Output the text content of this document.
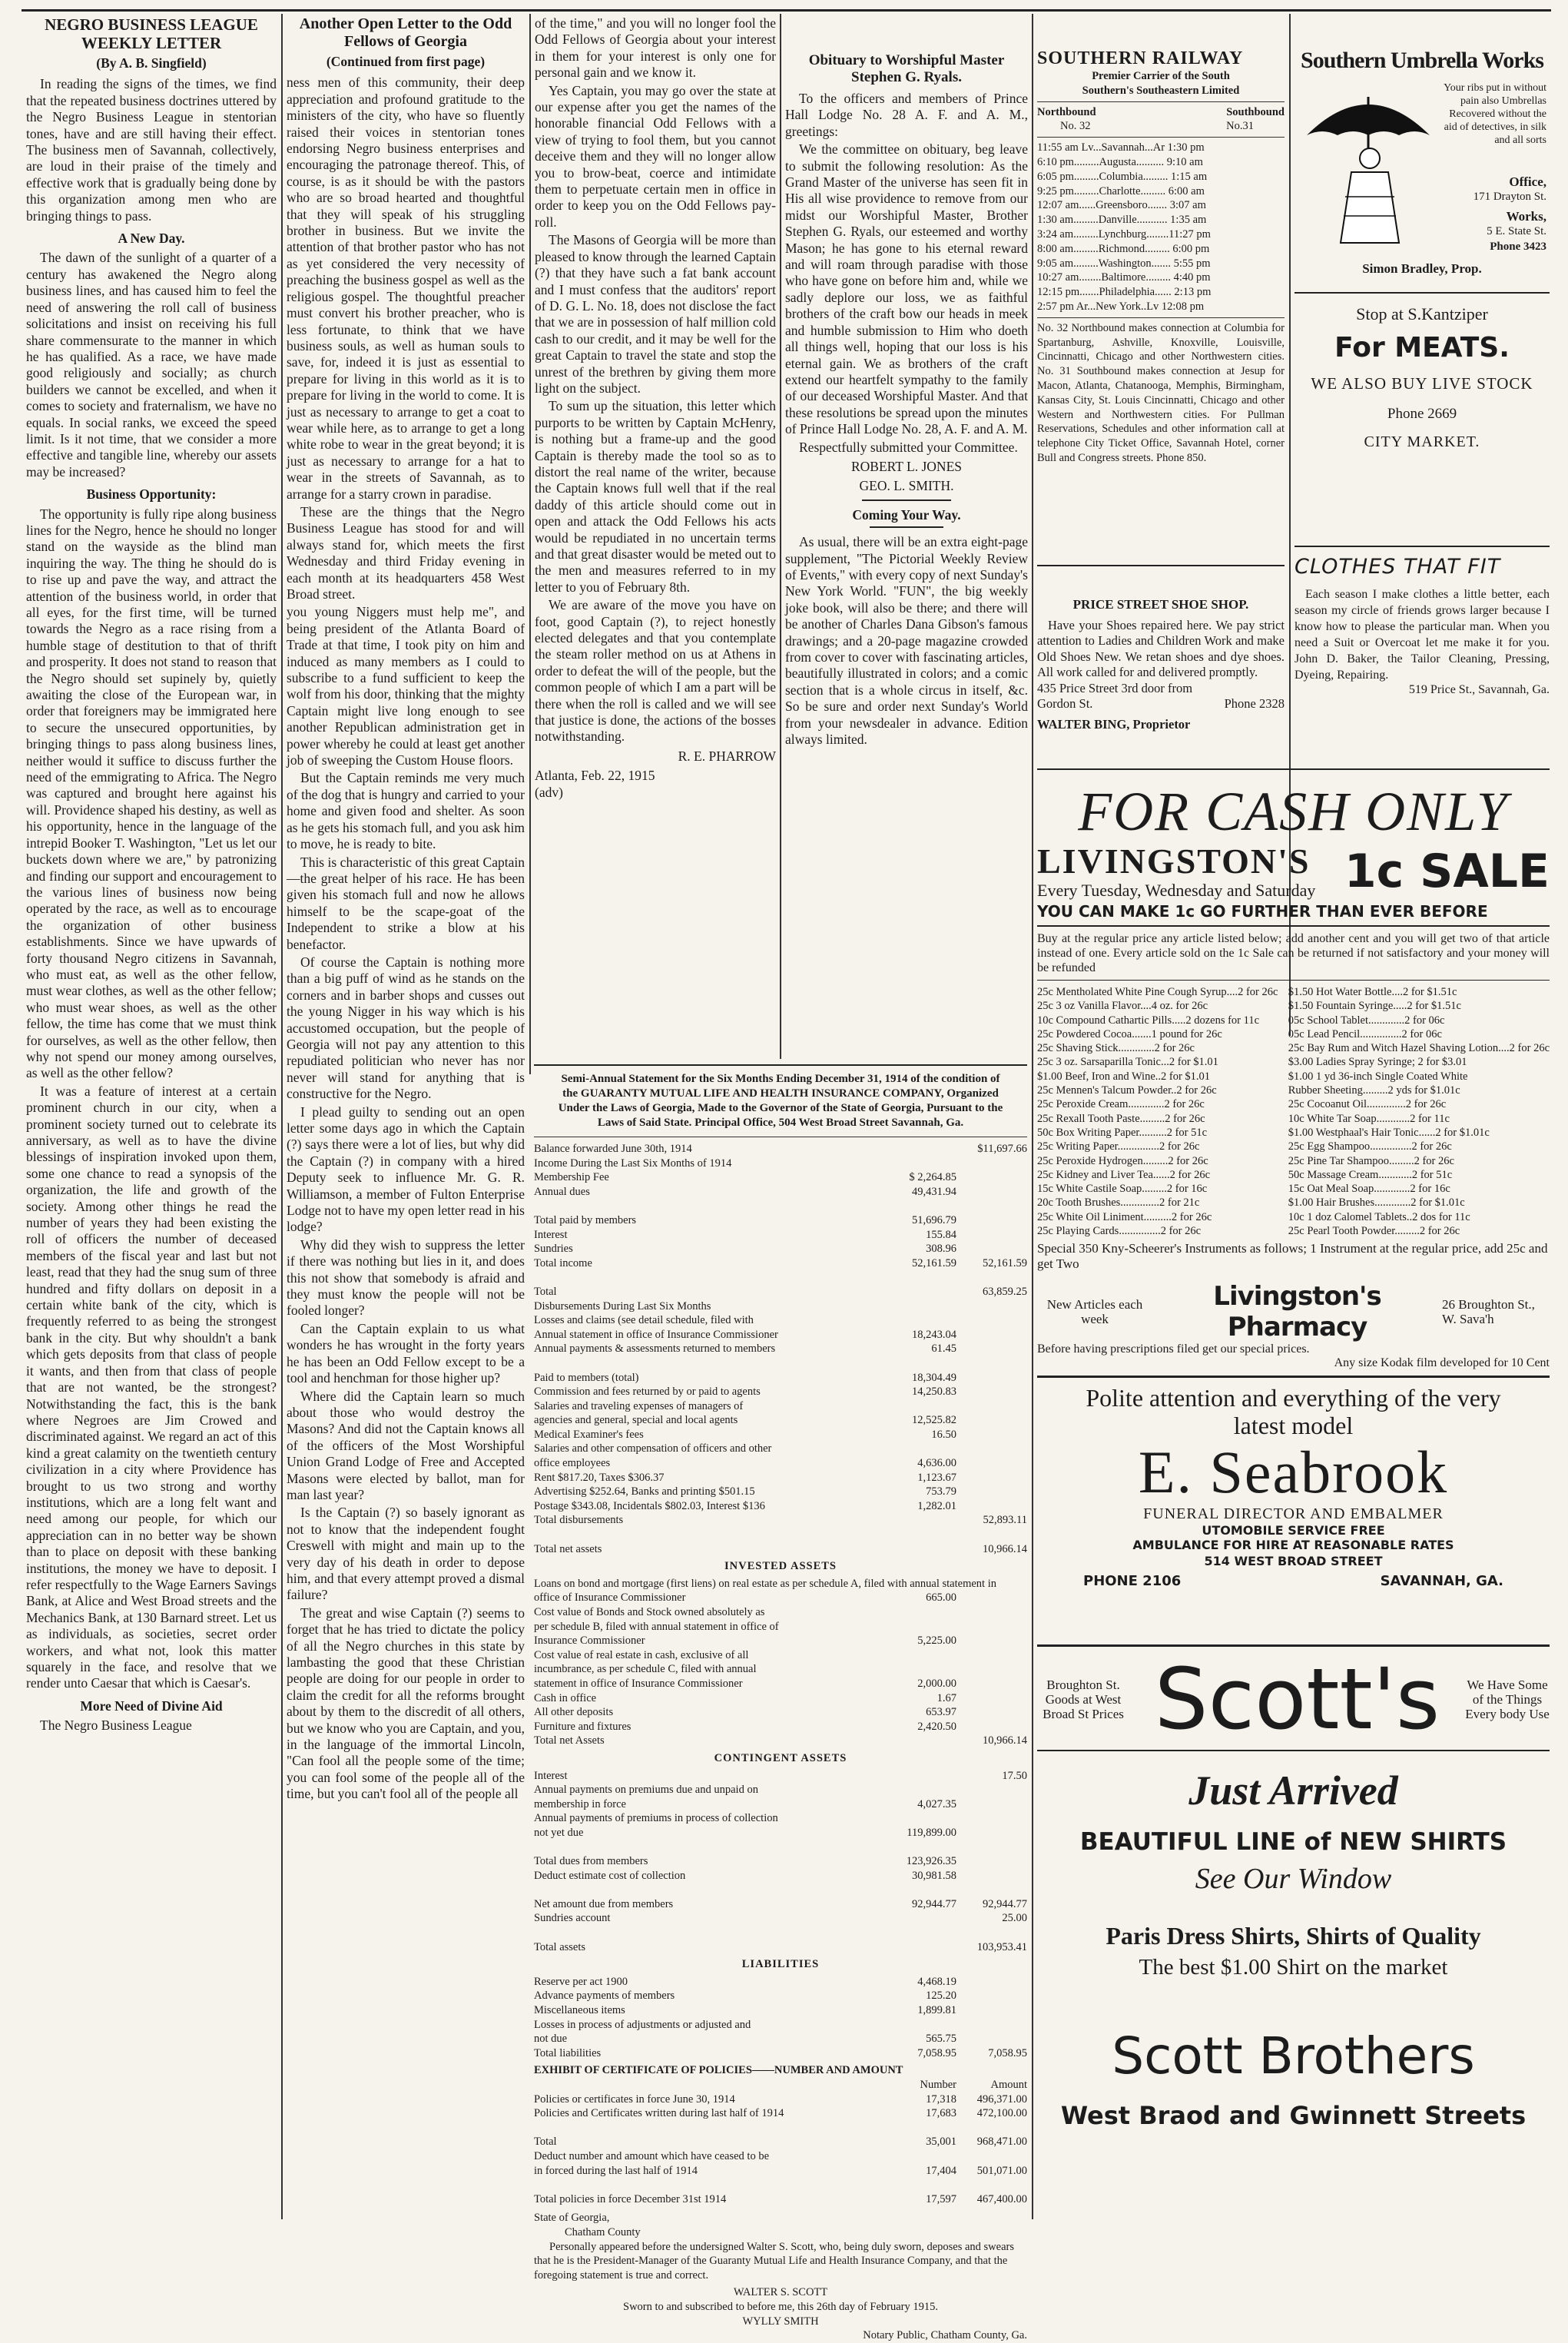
NEGRO BUSINESS LEAGUE WEEKLY LETTER
(By A. B. Singfield)

In reading the signs of the times, we find that the repeated business doctrines uttered by the Negro Business League in stentorian tones, have and are still having their effect. The business men of Savannah, collectively, are loud in their praise of the timely and effective work that is gradually being done by this organization among men who are bringing things to pass.

A New Day.

The dawn of the sunlight of a quarter of a century has awakened the Negro along business lines, and has caused him to feel the need of answering the roll call of business solicitations and insist on receiving his full share commensurate to the manner in which he has qualified. As a race, we have made good religiously and socially; as church builders we cannot be excelled, and when it comes to society and fraternalism, we have no equals. In social ranks, we exceed the speed limit. Is it not time, that we consider a more effective and tangible line, whereby our assets may be increased?

Business Opportunity:

The opportunity is fully ripe along business lines for the Negro, hence he should no longer stand on the wayside as the blind man inquiring the way. The thing he should do is to rise up and pave the way, and attract the attention of the business world, in order that all eyes, for the first time, will be turned towards the Negro as a race rising from a humble stage of destitution to that of thrift and prosperity. It does not stand to reason that the Negro should set supinely by, quietly awaiting the close of the European war, in order that foreigners may be immigrated here to secure the unsecured opportunities, by bringing things to pass along business lines, neither would it suffice to discuss further the need of the emmigrating to Africa. The Negro was captured and brought here against his will. Providence shaped his destiny, as well as his opportunity, hence in the language of the intrepid Booker T. Washington, "Let us let our buckets down where we are," by patronizing and finding our support and encouragement to the various lines of business now being operated by the race, as well as to encourage the organization of other business establishments. Since we have upwards of forty thousand Negro citizens in Savannah, who must eat, as well as the other fellow, must wear clothes, as well as the other fellow; who must wear shoes, as well as the other fellow, the time has come that we must think for ourselves, as well as the other fellow, then why not spend our money among ourselves, as well as the other fellow?

It was a feature of interest at a certain prominent church in our city, when a prominent society turned out to celebrate its anniversary, as well as to have the divine blessings of inspiration invoked upon them, some one chance to read a synopsis of the organization, the life and growth of the society. Among other things he read the number of years they had been existing the roll of officers the number of deceased members of the fiscal year and last but not least, read that they had the snug sum of three hundred and fifty dollars on deposit in a certain white bank of the city, which is frequently referred to as being the strongest bank in the city. But why shouldn't a bank which gets deposits from that class of people it wants, and then from that class of people that are not wanted, be the strongest? Notwithstanding the fact, this is the bank where Negroes are Jim Crowed and discriminated against. We regard an act of this kind a great calamity on the twentieth century civilization in a city where Providence has brought to us two strong and worthy institutions, which are a long felt want and need among our people, for which our appreciation can in no better way be shown than to place on deposit with these banking institutions, the money we have to deposit. I refer respectfully to the Wage Earners Savings Bank, at Alice and West Broad streets and the Mechanics Bank, at 130 Barnard street. Let us as individuals, as societies, secret order workers, and what not, look this matter squarely in the face, and resolve that we render unto Caesar that which is Caesar's.

More Need of Divine Aid

The Negro Business League

Another Open Letter to the Odd Fellows of Georgia
(Continued from first page)

ness men of this community, their deep appreciation and profound gratitude to the ministers of the city, who have so fluently raised their voices in stentorian tones endorsing Negro business enterprises and encouraging the patronage thereof. This, of course, is as it should be with the pastors who are so broad hearted and thoughtful that they will speak of his struggling brother in business. But we invite the attention of that brother pastor who has not as yet considered the very necessity of preaching the business gospel as well as the religious gospel. The thoughtful preacher must convert his brother preacher, who is less fortunate, to think that we have business souls, as well as human souls to save, for, indeed it is just as essential to prepare for living in this world as it is to prepare for living in the world to come. It is just as necessary to arrange to get a coat to wear while here, as to arrange to get a long white robe to wear in the great beyond; it is just as necessary to arrange for a hat to wear in the streets of Savannah, as to arrange for a starry crown in paradise.

These are the things that the Negro Business League has stood for and will always stand for, which meets the first Wednesday and third Friday evening in each month at its headquarters 458 West Broad street.

you young Niggers must help me", and being president of the Atlanta Board of Trade at that time, I took pity on him and induced as many members as I could to subscribe to a fund sufficient to keep the wolf from his door, thinking that the mighty Captain might live long enough to see another Republican administration get in power whereby he could at least get another job of sweeping the Custom House floors.

But the Captain reminds me very much of the dog that is hungry and carried to your home and given food and shelter. As soon as he gets his stomach full, and you ask him to move, he is ready to bite.

This is characteristic of this great Captain—the great helper of his race. He has been given his stomach full and now he allows himself to be the scape-goat of the Independent to strike a blow at his benefactor.

Of course the Captain is nothing more than a big puff of wind as he stands on the corners and in barber shops and cusses out the young Nigger in his way which is his accustomed occupation, but the people of Georgia will not pay any attention to this repudiated politician who never has nor never will stand for anything that is constructive for the Negro.

I plead guilty to sending out an open letter some days ago in which the Captain (?) says there were a lot of lies, but why did the Captain (?) in company with a hired Deputy seek to influence Mr. G. R. Williamson, a member of Fulton Enterprise Lodge not to have my open letter read in his lodge?

Why did they wish to suppress the letter if there was nothing but lies in it, and does this not show that somebody is afraid and they must know the people will not be fooled longer?

Can the Captain explain to us what wonders he has wrought in the forty years he has been an Odd Fellow except to be a tool and henchman for those higher up?

Where did the Captain learn so much about those who would destroy the Masons? And did not the Captain knows all of the officers of the Most Worshipful Union Grand Lodge of Free and Accepted Masons were elected by ballot, man for man last year?

Is the Captain (?) so basely ignorant as not to know that the independent fought Creswell with might and main up to the very day of his death in order to depose him, and that every attempt proved a dismal failure?

The great and wise Captain (?) seems to forget that he has tried to dictate the policy of all the Negro churches in this state by lambasting the good that these Christian people are doing for our people in order to claim the credit for all the reforms brought about by them to the discredit of all others, but we know who you are Captain, and you, in the language of the immortal Lincoln, "Can fool all the people some of the time; you can fool some of the people all of the time, but you can't fool all of the people all

of the time," and you will no longer fool the Odd Fellows of Georgia about your interest in them for your interest is only one for personal gain and we know it.

Yes Captain, you may go over the state at our expense after you get the names of the honorable financial Odd Fellows with a view of trying to fool them, but you cannot deceive them and they will no longer allow you to brow-beat, coerce and intimidate them to perpetuate certain men in office in order to keep you on the Odd Fellows pay-roll.

The Masons of Georgia will be more than pleased to know through the learned Captain (?) that they have such a fat bank account and I must confess that the auditors' report of D. G. L. No. 18, does not disclose the fact that we are in possession of half million cold cash to our credit, and it may be well for the great Captain to travel the state and stop the unrest of the brethren by giving them more light on the subject.

To sum up the situation, this letter which purports to be written by Captain McHenry, is nothing but a frame-up and the good Captain is thereby made the tool so as to distort the real name of the writer, because the Captain knows full well that if the real daddy of this article should come out in open and attack the Odd Fellows his acts would be repudiated in no uncertain terms and that great disaster would be meted out to the men and measures referred to in my letter to you of February 8th.

We are aware of the move you have on foot, good Captain (?), to reject honestly elected delegates and that you contemplate the steam roller method on us at Athens in order to defeat the will of the people, but the common people of which I am a part will be there when the roll is called and we will see that justice is done, the actions of the bosses notwithstanding.

R. E. PHARROW
Atlanta, Feb. 22, 1915
(adv)
Obituary to Worshipful Master Stephen G. Ryals.

To the officers and members of Prince Hall Lodge No. 28 A. F. and A. M., greetings:

We the committee on obituary, beg leave to submit the following resolution: As the Grand Master of the universe has seen fit in His all wise providence to remove from our midst our Worshipful Master, Brother Stephen G. Ryals, our esteemed and worthy Mason; he has gone to his eternal reward and will roam through paradise with those who have gone on before him and, while we sadly deplore our loss, we as faithful brothers of the craft bow our heads in meek and humble submission to Him who doeth all things well, hoping that our loss is his eternal gain. We as brothers of the craft extend our heartfelt sympathy to the family of our deceased Worshipful Master. And that these resolutions be spread upon the minutes of Prince Hall Lodge No. 28, A. F. and A. M.

Respectfully submitted your Committee.

ROBERT L. JONES
GEO. L. SMITH.
Coming Your Way.

As usual, there will be an extra eight-page supplement, "The Pictorial Weekly Review of Events," with every copy of next Sunday's New York World. "FUN", the big weekly joke book, will also be there; and there will be another of Charles Dana Gibson's famous drawings; and a 20-page magazine crowded from cover to cover with fascinating articles, beautifully illustrated in colors; and a comic section that is a whole circus in itself, &c. So be sure and order next Sunday's World from your newsdealer in advance. Edition always limited.

Semi-Annual Statement for the Six Months Ending December 31, 1914 of the condition of the GUARANTY MUTUAL LIFE AND HEALTH INSURANCE COMPANY, Organized Under the Laws of Georgia, Made to the Governor of the State of Georgia, Pursuant to the Laws of Said State. Principal Office, 504 West Broad Street Savannah, Ga.
Balance forwarded June 30th, 1914
	$11,697.66
Income During the Last Six Months of 1914

Membership Fee	$ 2,264.85

Annual dues	49,431.94

Total paid by members	51,696.79

Interest	155.84

Sundries	308.96

Total income	52,161.59	52,161.59

Total
	63,859.25
Disbursements During Last Six Months

Losses and claims (see detail schedule, filed with

Annual statement in office of Insurance Commissioner	18,243.04

Annual payments & assessments returned to members	61.45

Paid to members (total)	18,304.49

Commission and fees returned by or paid to agents	14,250.83

Salaries and traveling expenses of managers of

agencies and general, special and local agents	12,525.82

Medical Examiner's fees	16.50

Salaries and other compensation of officers and other

office employees	4,636.00

Rent $817.20, Taxes $306.37	1,123.67

Advertising $252.64, Banks and printing $501.15	753.79

Postage $343.08, Incidentals $802.03, Interest $136	1,282.01

Total disbursements
	52,893.11

Total net assets
	10,966.14
INVESTED ASSETS
Loans on bond and mortgage (first liens) on real estate as per schedule A, filed with annual statement in

office of Insurance Commissioner	665.00

Cost value of Bonds and Stock owned absolutely as

per schedule B, filed with annual statement in office of

Insurance Commissioner	5,225.00

Cost value of real estate in cash, exclusive of all

incumbrance, as per schedule C, filed with annual

statement in office of Insurance Commissioner	2,000.00

Cash in office	1.67

All other deposits	653.97

Furniture and fixtures	2,420.50

Total net Assets
	10,966.14
CONTINGENT ASSETS
Interest
	17.50
Annual payments on premiums due and unpaid on

membership in force	4,027.35

Annual payments of premiums in process of collection

not yet due	119,899.00

Total dues from members	123,926.35

Deduct estimate cost of collection	30,981.58

Net amount due from members	92,944.77	92,944.77
Sundries account
	25.00

Total assets
	103,953.41
LIABILITIES
Reserve per act 1900	4,468.19

Advance payments of members	125.20

Miscellaneous items	1,899.81

Losses in process of adjustments or adjusted and

not due	565.75

Total liabilities	7,058.95	7,058.95
EXHIBIT OF CERTIFICATE OF POLICIES——NUMBER AND AMOUNT
Number	Amount
Policies or certificates in force June 30, 1914	17,318	496,371.00
Policies and Certificates written during last half of 1914	17,683	472,100.00

Total	35,001	968,471.00
Deduct number and amount which have ceased to be

in forced during the last half of 1914	17,404	501,071.00

Total policies in force December 31st 1914	17,597	467,400.00
State of Georgia,
Chatham County
Personally appeared before the undersigned Walter S. Scott, who, being duly sworn, deposes and swears that he is the President-Manager of the Guaranty Mutual Life and Health Insurance Company, and that the foregoing statement is true and correct.
WALTER S. SCOTT
Sworn to and subscribed to before me, this 26th day of February 1915.
WYLLY SMITH
Notary Public, Chatham County, Ga.
SOUTHERN RAILWAY
Premier Carrier of the South
Southern's Southeastern Limited
Northbound	Southbound
No. 32	No.31
11:55 am Lv...Savannah...Ar 1:30 pm
6:10 pm.........Augusta.......... 9:10 am
6:05 pm.........Columbia......... 1:15 am
9:25 pm.........Charlotte......... 6:00 am
12:07 am......Greensboro....... 3:07 am
1:30 am.........Danville........... 1:35 am
3:24 am.........Lynchburg........11:27 pm
8:00 am.........Richmond......... 6:00 pm
9:05 am.........Washington....... 5:55 pm
10:27 am........Baltimore......... 4:40 pm
12:15 pm.......Philadelphia...... 2:13 pm
2:57 pm Ar...New York..Lv 12:08 pm
No. 32 Northbound makes connection at Columbia for Spartanburg, Ashville, Knoxville, Louisville, Cincinnatti, Chicago and other Northwestern cities. No. 31 Southbound makes connection at Jesup for Macon, Atlanta, Chatanooga, Memphis, Birmingham, Kansas City, St. Louis Cincinnatti, Chicago and other Western and Northwestern cities. For Pullman Reservations, Schedules and other information call at telephone City Ticket Office, Savannah Hotel, corner Bull and Congress streets. Phone 850.
PRICE STREET SHOE SHOP.
Have your Shoes repaired here. We pay strict attention to Ladies and Children Work and make Old Shoes New. We retan shoes and dye shoes. All work called for and delivered promptly.
435 Price Street 3rd door from Gordon St.	Phone 2328
WALTER BING, Proprietor
Southern Umbrella Works
Your ribs put in without pain also Umbrellas Recovered without the aid of detectives, in silk and all sorts
Office,
171 Drayton St.
Works,
5 E. State St.
Phone 3423
Simon Bradley, Prop.
Stop at S.Kantziper
For MEATS.
WE ALSO BUY LIVE STOCK
Phone 2669
CITY MARKET.
CLOTHES THAT FIT
Each season I make clothes a little better, each season my circle of friends grows larger because I know how to please the particular man. When you need a Suit or Overcoat let me make it for you. John D. Baker, the Tailor Cleaning, Pressing, Dyeing, Repairing.
519 Price St., Savannah, Ga.
FOR CASH ONLY
LIVINGSTON'S
Every Tuesday, Wednesday and Saturday 1c SALE
YOU CAN MAKE 1c GO FURTHER THAN EVER BEFORE
Buy at the regular price any article listed below; add another cent and you will get two of that article instead of one. Every article sold on the 1c Sale can be returned if not satisfactory and your money will be refunded
25c Mentholated White Pine Cough Syrup....2 for 26c $1.50 Hot Water Bottle....2 for $1.51c
25c 3 oz Vanilla Flavor....4 oz. for 26c	$1.50 Fountain Syringe.....2 for $1.51c
10c Compound Cathartic Pills.....2 dozens for 11c	05c School Tablet.............2 for 06c
25c Powdered Cocoa.......1 pound for 26c	05c Lead Pencil...............2 for 06c
25c Shaving Stick.............2 for 26c	25c Bay Rum and Witch Hazel Shaving Lotion....2 for 26c
25c 3 oz. Sarsaparilla Tonic...2 for $1.01	$3.00 Ladies Spray Syringe; 2 for $3.01
$1.00 Beef, Iron and Wine..2 for $1.01	$1.00 1 yd 36-inch Single Coated White
25c Mennen's Talcum Powder..2 for 26c	Rubber Sheeting.........2 yds for $1.01c
25c Peroxide Cream.............2 for 26c	25c Cocoanut Oil..............2 for 26c
25c Rexall Tooth Paste.........2 for 26c	10c White Tar Soap............2 for 11c
50c Box Writing Paper..........2 for 51c	$1.00 Westphaal's Hair Tonic......2 for $1.01c
25c Writing Paper...............2 for 26c	25c Egg Shampoo...............2 for 26c
25c Peroxide Hydrogen.........2 for 26c	25c Pine Tar Shampoo.........2 for 26c
25c Kidney and Liver Tea......2 for 26c	50c Massage Cream............2 for 51c
15c White Castile Soap.........2 for 16c	15c Oat Meal Soap.............2 for 16c
20c Tooth Brushes..............2 for 21c	$1.00 Hair Brushes.............2 for $1.01c
25c White Oil Liniment..........2 for 26c	10c 1 doz Calomel Tablets..2 dos for 11c
25c Playing Cards...............2 for 26c	25c Pearl Tooth Powder.........2 for 26c
Special 350 Kny-Scheerer's Instruments as follows; 1 Instrument at the regular price, add 25c and get Two
New Articles each week
Livingston's Pharmacy
26 Broughton St., W. Sava'h
Before having prescriptions filed get our special prices.
Any size Kodak film developed for 10 Cent
Polite attention and everything of the very latest model
E. Seabrook
FUNERAL DIRECTOR AND EMBALMER
UTOMOBILE SERVICE FREE
AMBULANCE FOR HIRE AT REASONABLE RATES
514 WEST BROAD STREET
PHONE 2106	SAVANNAH, GA.
Broughton St. Goods at West Broad St Prices Scott's	We Have Some of the Things Every body Use
Just Arrived
BEAUTIFUL LINE of NEW SHIRTS
See Our Window
Paris Dress Shirts, Shirts of Quality
The best $1.00 Shirt on the market
Scott Brothers
West Braod and Gwinnett Streets
